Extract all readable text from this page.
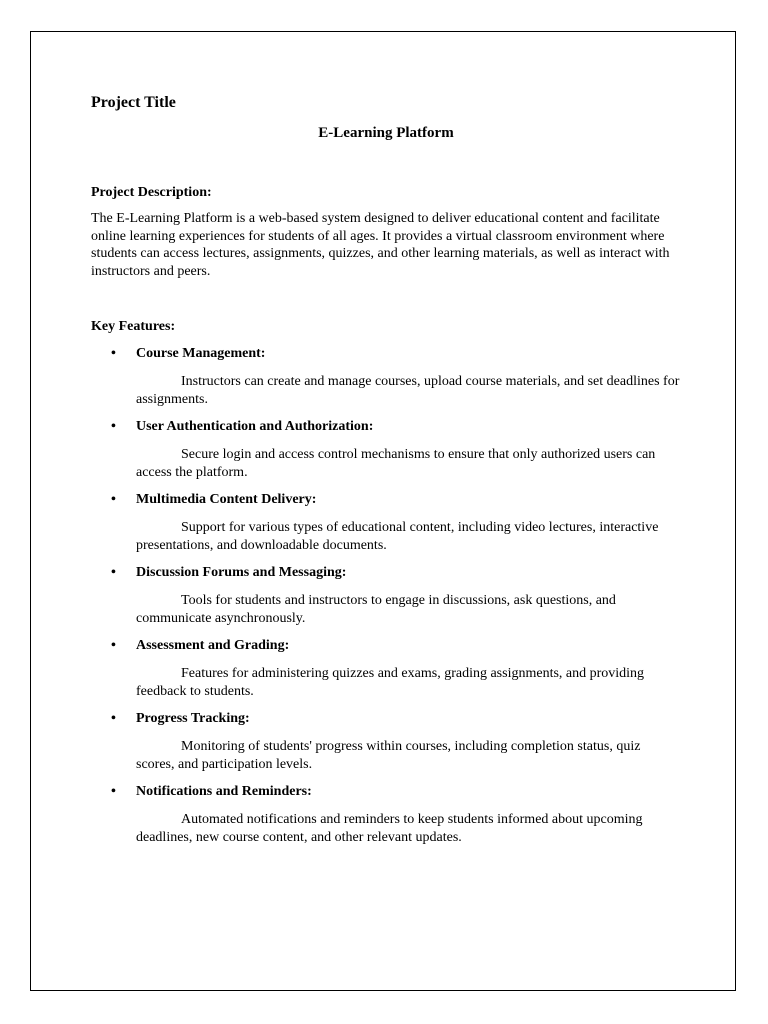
Project Title
E-Learning Platform
Project Description:

The E-Learning Platform is a web-based system designed to deliver educational content and facilitate online learning experiences for students of all ages. It provides a virtual classroom environment where students can access lectures, assignments, quizzes, and other learning materials, as well as interact with instructors and peers.

Key Features:
• Course Management:

Instructors can create and manage courses, upload course materials, and set deadlines for assignments.

• User Authentication and Authorization:

Secure login and access control mechanisms to ensure that only authorized users can access the platform.

• Multimedia Content Delivery:

Support for various types of educational content, including video lectures, interactive presentations, and downloadable documents.

• Discussion Forums and Messaging:

Tools for students and instructors to engage in discussions, ask questions, and communicate asynchronously.

• Assessment and Grading:

Features for administering quizzes and exams, grading assignments, and providing feedback to students.

• Progress Tracking:

Monitoring of students' progress within courses, including completion status, quiz scores, and participation levels.

• Notifications and Reminders:

Automated notifications and reminders to keep students informed about upcoming deadlines, new course content, and other relevant updates.
